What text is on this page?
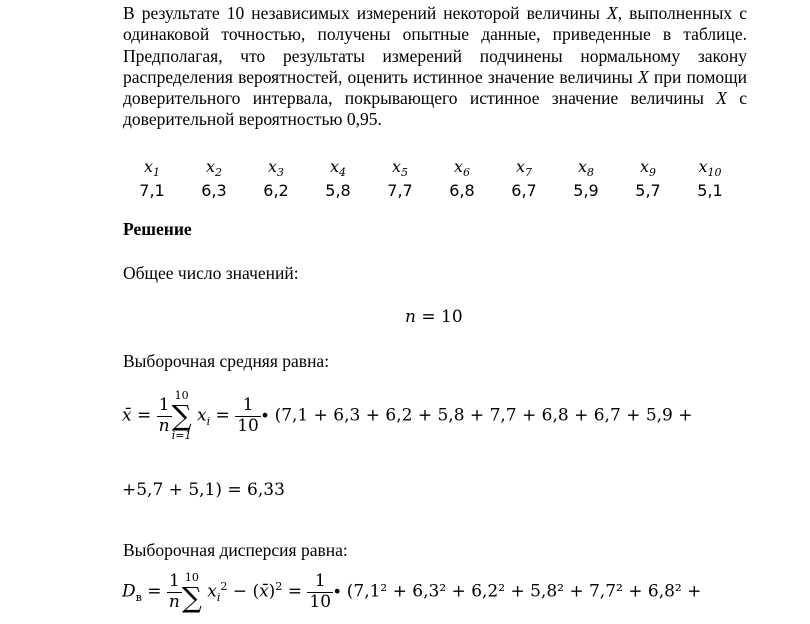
В результате 10 независимых измерений некоторой величины X, выполненных с одинаковой точностью, получены опытные данные, приведенные в таблице. Предполагая, что результаты измерений подчинены нормальному закону распределения вероятностей, оценить истинное значение величины X при помощи доверительного интервала, покрывающего истинное значение величины X с доверительной вероятностью 0,95.
$x_1$	$x_2$	$x_3$	$x_4$	$x_5$	$x_6$	$x_7$	$x_8$	$x_9$	$x_{10}$
7,1	6,3	6,2	5,8	7,7	6,8	6,7	5,9	5,7	5,1
Решение
Общее число значений:
n = 10
Выборочная средняя равна:
x̄ = $\frac{1}{n}$
10
∑
i=1
$x_i = \frac{1}{10} \cdot (7,1 + 6,3 + 6,2 + 5,8 + 7,7 + 6,8 + 6,7 + 5,9$ +
+5,7 + 5,1) = 6,33
Выборочная дисперсия равна:
$D_в = \frac{1}{n} 10$
∑ $x_i^2$ − (x̄)$^2$ = $\frac{1}{10} \cdot (7,1^2 + 6,3^2 + 6,2^2 + 5,8^2 + 7,7^2 + 6,8^2$ +
